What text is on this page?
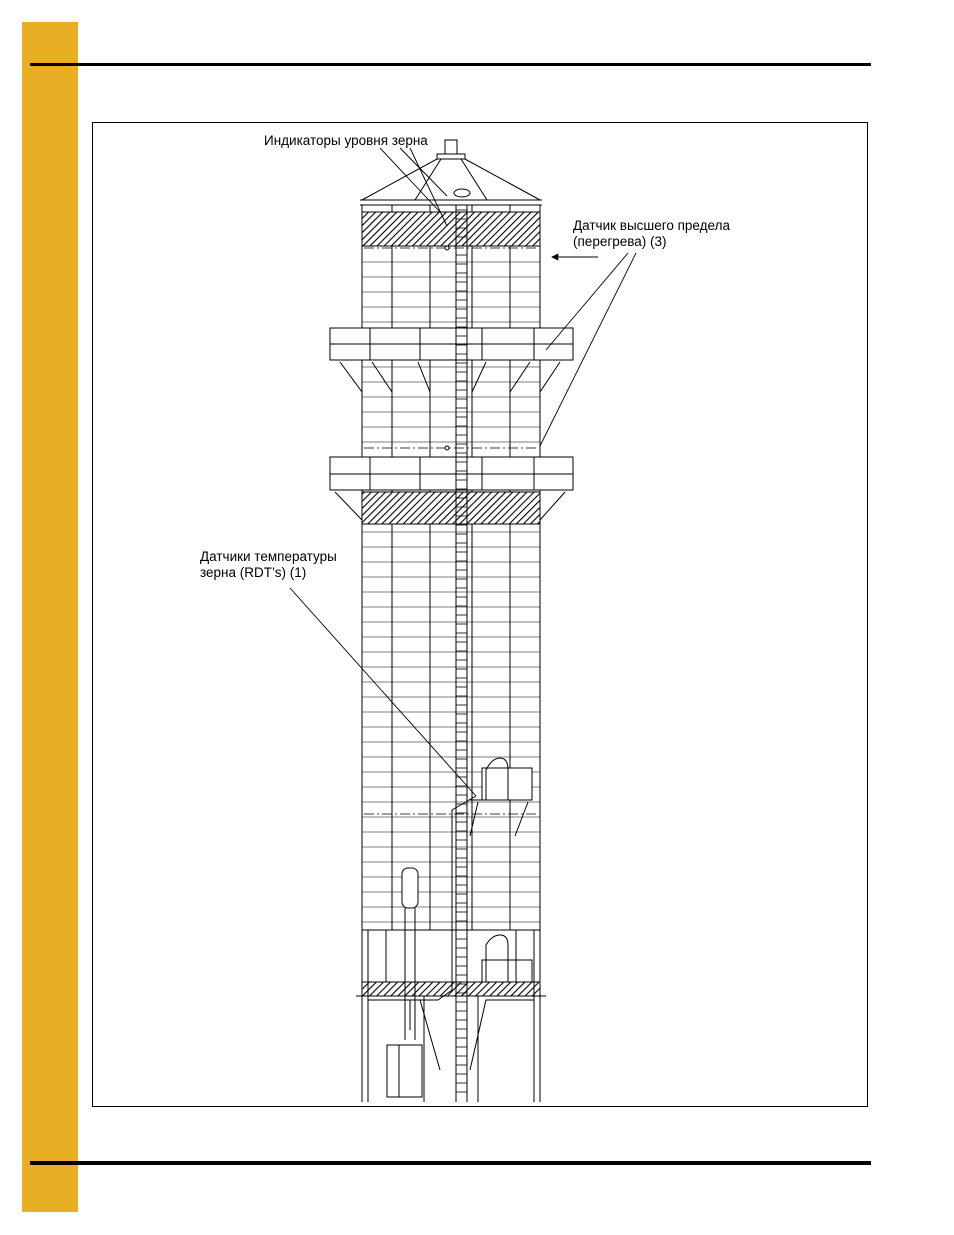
Индикаторы уровня зерна
Датчик высшего предела
(перегрева) (3)
Датчики температуры
зерна (RDT’s) (1)
